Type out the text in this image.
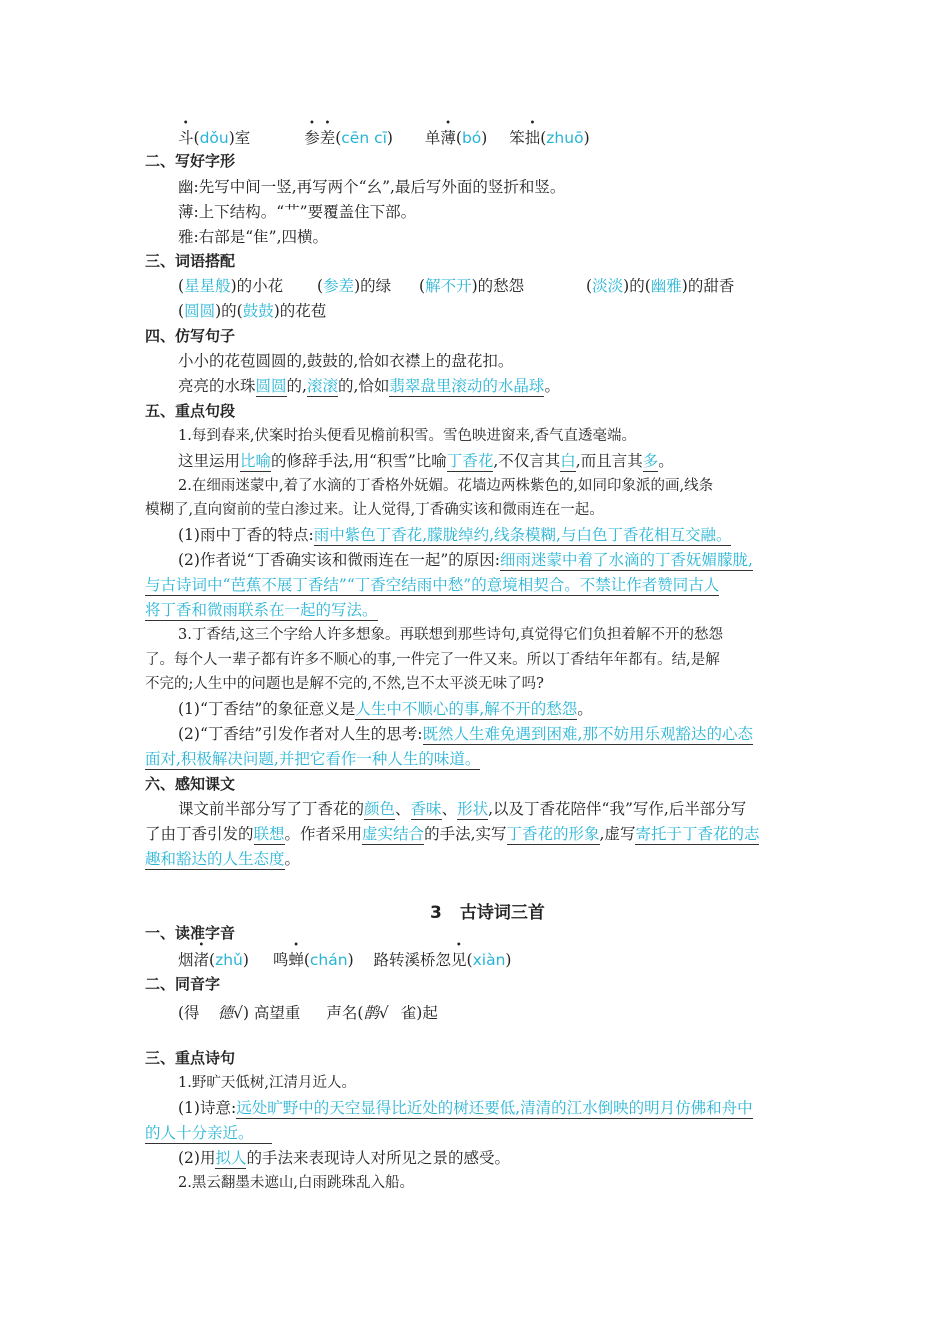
斗(dǒu)室	参差(cēn cī)  单薄(bó)  笨拙(zhuō)
二、写好字形
幽:先写中间一竖,再写两个“幺”,最后写外面的竖折和竖。
薄:上下结构。“艹”要覆盖住下部。
雅:右部是“隹”,四横。
三、词语搭配
(星星般)的小花  (参差)的绿  (解不开)的愁怨	(淡淡)的(幽雅)的甜香
(圆圆)的(鼓鼓)的花苞
四、仿写句子
小小的花苞圆圆的,鼓鼓的,恰如衣襟上的盘花扣。
亮亮的水珠圆圆的,滚滚的,恰如翡翠盘里滚动的水晶球。
五、重点句段
1.每到春来,伏案时抬头便看见檐前积雪。雪色映进窗来,香气直透毫端。
这里运用比喻的修辞手法,用“积雪”比喻丁香花,不仅言其白,而且言其多。
2.在细雨迷蒙中,着了水滴的丁香格外妩媚。花墙边两株紫色的,如同印象派的画,线条
模糊了,直向窗前的莹白渗过来。让人觉得,丁香确实该和微雨连在一起。
(1)雨中丁香的特点:雨中紫色丁香花,朦胧绰约,线条模糊,与白色丁香花相互交融。
(2)作者说“丁香确实该和微雨连在一起”的原因:细雨迷蒙中着了水滴的丁香妩媚朦胧,
与古诗词中“芭蕉不展丁香结”“丁香空结雨中愁”的意境相契合。不禁让作者赞同古人
将丁香和微雨联系在一起的写法。
3.丁香结,这三个字给人许多想象。再联想到那些诗句,真觉得它们负担着解不开的愁怨
了。每个人一辈子都有许多不顺心的事,一件完了一件又来。所以丁香结年年都有。结,是解
不完的;人生中的问题也是解不完的,不然,岂不太平淡无味了吗?
(1)“丁香结”的象征意义是人生中不顺心的事,解不开的愁怨。
(2)“丁香结”引发作者对人生的思考:既然人生难免遇到困难,那不妨用乐观豁达的心态
面对,积极解决问题,并把它看作一种人生的味道。
六、感知课文
课文前半部分写了丁香花的颜色、香味、形状,以及丁香花陪伴“我”写作,后半部分写
了由丁香引发的联想。作者采用虚实结合的手法,实写丁香花的形象,虚写寄托于丁香花的志
趣和豁达的人生态度。
3 古诗词三首
一、读准字音
烟渚(zhǔ)  鸣蝉(chán)  路转溪桥忽见(xiàn)
二、同音字
(得 德√) 高望重 声名(鹊√ 雀)起
三、重点诗句
1.野旷天低树,江清月近人。
(1)诗意:远处旷野中的天空显得比近处的树还要低,清清的江水倒映的明月仿佛和舟中
的人十分亲近。
(2)用拟人的手法来表现诗人对所见之景的感受。
2.黑云翻墨未遮山,白雨跳珠乱入船。
